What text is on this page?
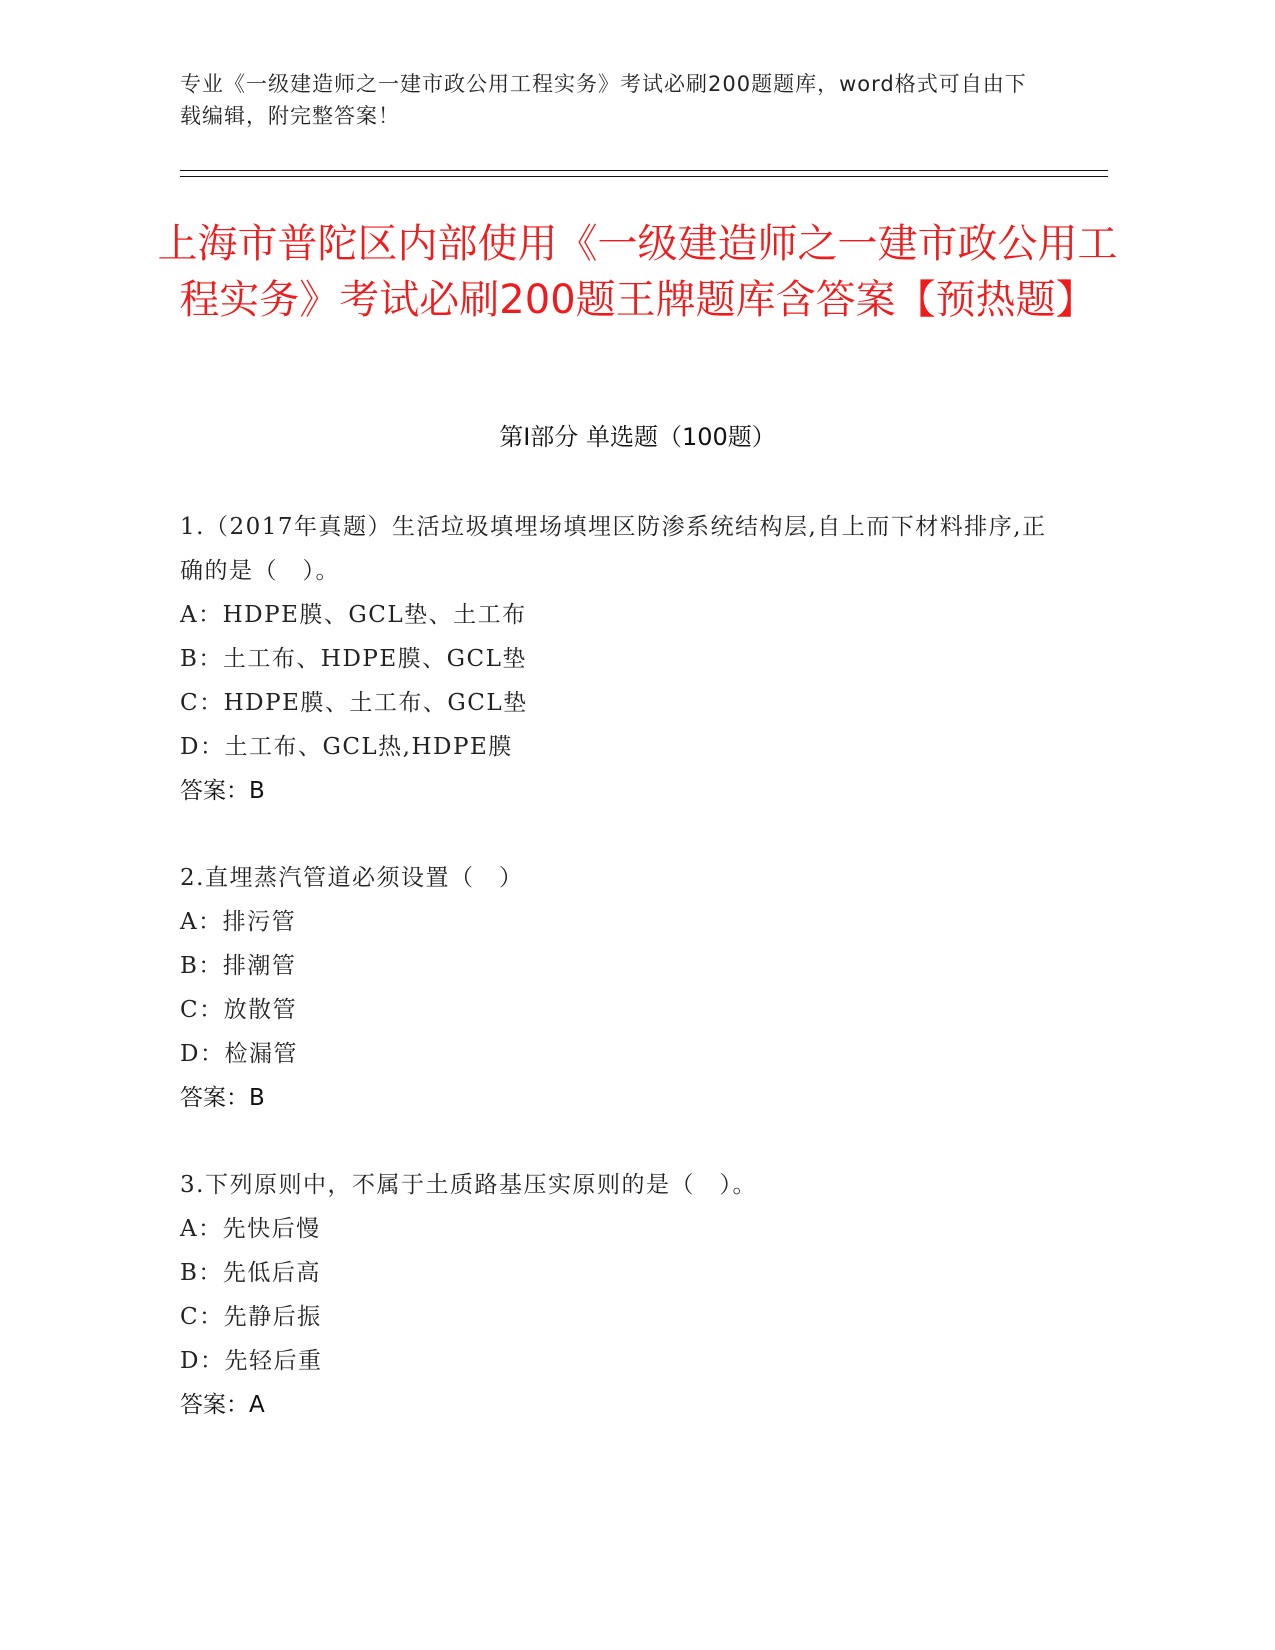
专业《一级建造师之一建市政公用工程实务》考试必刷200题题库，word格式可自由下载编辑，附完整答案！
上海市普陀区内部使用《一级建造师之一建市政公用工程实务》考试必刷200题王牌题库含答案【预热题】
第Ⅰ部分 单选题（100题）
1.（2017年真题）生活垃圾填埋场填埋区防渗系统结构层,自上而下材料排序,正确的是（　）。
A：HDPE膜、GCL垫、土工布
B：土工布、HDPE膜、GCL垫
C：HDPE膜、土工布、GCL垫
D：土工布、GCL热,HDPE膜
答案：B
2.直埋蒸汽管道必须设置（　）
A：排污管
B：排潮管
C：放散管
D：检漏管
答案：B
3.下列原则中，不属于土质路基压实原则的是（　）。
A：先快后慢
B：先低后高
C：先静后振
D：先轻后重
答案：A
